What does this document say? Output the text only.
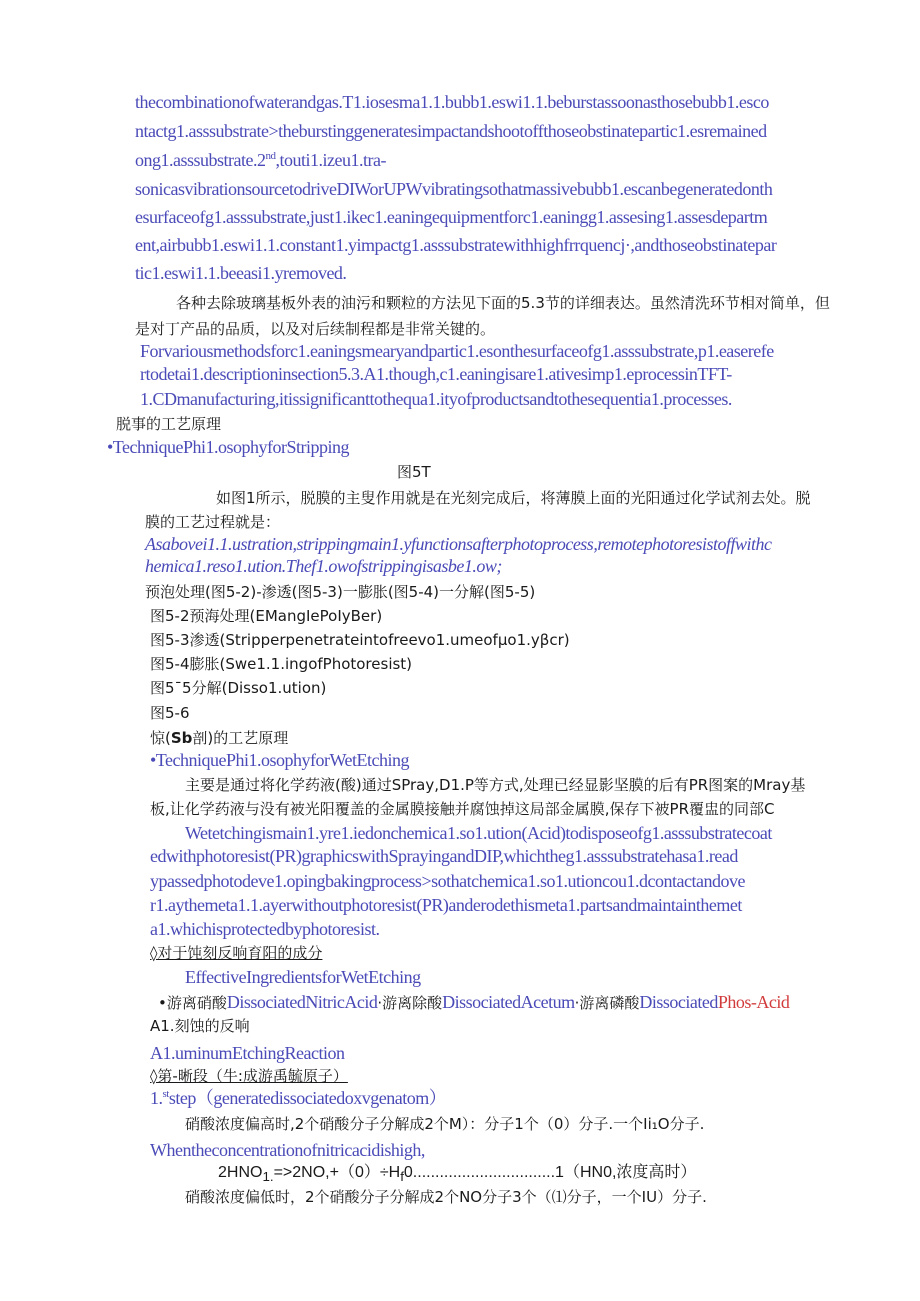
thecombinationofwaterandgas.T1.iosesma1.1.bubb1.eswi1.1.beburstassoonasthosebubb1.esco

ntactg1.asssubstrate>theburstinggeneratesimpactandshootoffthoseobstinatepartic1.esremained

ong1.asssubstrate.2nd,touti1.izeu1.tra-

sonicasvibrationsourcetodriveDIWorUPWvibratingsothatmassivebubb1.escanbegeneratedonth

esurfaceofg1.asssubstrate,just1.ikec1.eaningequipmentforc1.eaningg1.assesing1.assesdepartm

ent,airbubb1.eswi1.1.constant1.yimpactg1.asssubstratewithhighfrrquencj·,andthoseobstinatepar

tic1.eswi1.1.beeasi1.yremoved.

各种去除玻璃基板外表的油污和颗粒的方法见下面的5.3节的详细表达。虽然清洗环节相对简单，但

是对丁产品的品质，以及对后续制程都是非常关键的。

Forvariousmethodsforc1.eaningsmearyandpartic1.esonthesurfaceofg1.asssubstrate,p1.easerefe

rtodetai1.descriptioninsection5.3.A1.though,c1.eaningisare1.ativesimp1.eprocessinTFT-

1.CDmanufacturing,itissignificanttothequa1.ityofproductsandtothesequentia1.processes.

脱事的工艺原理

•TechniquePhi1.osophyforStripping

图5T

如图1所示，脱膜的主叟作用就是在光刻完成后，将薄膜上面的光阳通过化学试剂去处。脱

膜的工艺过程就是：

Asabovei1.1.ustration,strippingmain1.yfunctionsafterphotoprocess,remotephotoresistoffwithc

hemica1.reso1.ution.Thef1.owofstrippingisasbe1.ow;

预泡处理(图5-2)-渗透(图5-3)一膨胀(图5-4)一分解(图5-5)

图5-2预海处理(EMangIePoIyBer)

图5-3渗透(Stripperpenetrateintofreevo1.umeofμo1.yβcr)

图5-4膨胀(Swe1.1.ingofPhotoresist)

图5ˉ5分解(Disso1.ution)

图5-6

惊(Sb剖)的工艺原理

•TechniquePhi1.osophyforWetEtching

主要是通过将化学药液(酸)通过SPray,D1.P等方式,处理已经显影坚膜的后有PR图案的Mray基

板,让化学药液与没有被光阳覆盖的金属膜接触并腐蚀掉这局部金属膜,保存下被PR覆盅的同部C

Wetetchingismain1.yre1.iedonchemica1.so1.ution(Acid)todisposeofg1.asssubstratecoat

edwithphotoresist(PR)graphicswithSprayingandDIP,whichtheg1.asssubstratehasa1.read

ypassedphotodeve1.opingbakingprocess>sothatchemica1.so1.utioncou1.dcontactandove

r1.aythemeta1.1.ayerwithoutphotoresist(PR)anderodethismeta1.partsandmaintainthemet

a1.whichisprotectedbyphotoresist.

◊对于饨刻反响育阳的成分

EffectiveIngredientsforWetEtching

•游离硝酸DissociatedNitricAcid·游离除酸DissociatedAcetum·游离磷酸DissociatedPhos-Acid

A1.刻蚀的反响

A1.uminumEtchingReaction

◊第-晰段（牛:成游禹毓原子）

1.$^{st}$step（generatedissociatedoxvgenatom）

硝酸浓度偏高时,2个硝酸分子分解成2个M）：分子1个（0）分子.一个Ii₁O分子.

Whentheconcentrationofnitricacidishigh,

$2HNO_{1.}=>2NO,+(0)\div H_f0................................1(HN0$,浓度高时）

硝酸浓度偏低时，2个硝酸分子分解成2个NO分子3个（⑴分子，一个IU）分子.
